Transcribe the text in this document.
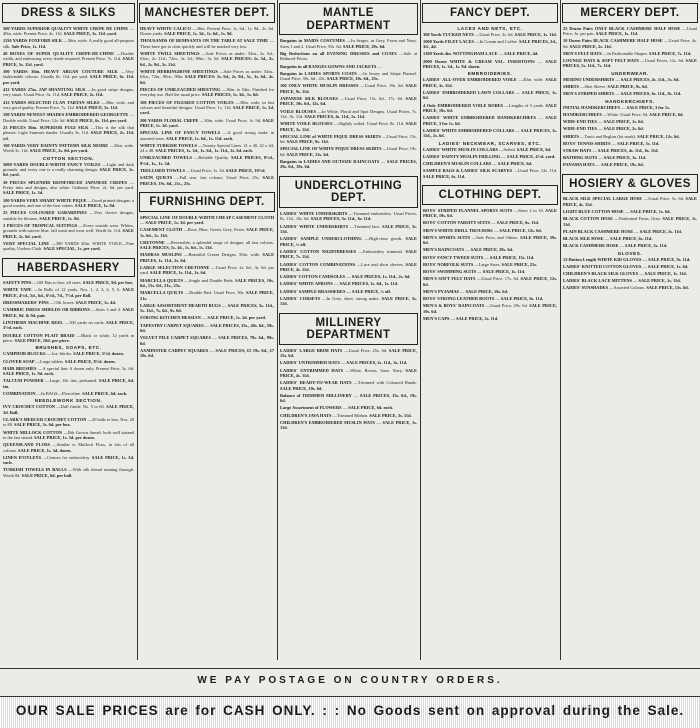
DRESS & SILKS
300 YARDS SUPERIOR QUALITY WHITE CREPE DE CHINE —40in. wide. Present Price, 4s. 11d. SALE PRICE, 3s. 11d. yard.
1150 YARDS FOXFORD SILK —36in. wide. A really good all-purpose silk. Sale Price, 1s. 11d.
40 BOXES OF SUPER QUALITY CREPE-DE-CHINE —Double width, and embracing every shade required. Present Price, 7s. 11d. SALE PRICE, 5s. 11d. yard.
300 YARDS 36in. HEAVY ARGAN COUTURE SILK —Very fashionable colours. Usually 8s. 11d. per yard. SALE PRICE, 6s. 11d. per yard.
412 YARDS 27in. JAP SHANTUNG SILK —In good stripe designs; very smart. Usual Price, 3s. 11d. SALE PRICE, 2s. 11d.
412 YARDS SELECTED CLAN TARTAN SILKS —38in. wide, and very good quality. Present Price, 7s. 11d. SALE PRICE, 5s. 11d.
100 YARDS NEWEST SHADES EMBROIDERED GEORGETTE —Double width. Usual Price, 12s. 6d. SALE PRICE, 6s. 11d. per yard.
25 PIECES 36in. SUPERIOR FUGI SILK —This is the silk that pleases. Light Summer shades. Usually 3s. 11d. SALE PRICE, 2s. 11d. yd.
100 YARDS VERY DAINTY PATTERN SILK MOIRE —36in. wide. Worth 3s. 11d. SALE PRICE, 2s. 6d. per yard.
COTTON SECTION.
3000 YARDS DOUBLE-WIDTH FANCY VOILES —Light and dark grounds, and every one is a really charming design. SALE PRICE, 1s. 6d. yard.
30 PIECES SPLENDID REINFORCED JAPANESE CREPES —Pretty tints and designs, also white. Ordinary Price, 2s. 6d. per yard. SALE PRICE, 1s. 3d.
100 YARDS VERY SMART WHITE PIQUE —Good printed designs; a good washer, and one of the best values. SALE PRICE, 1s. 9d.
25 PIECES COLOURED GABARDINES —Very choice designs, suitable for blouses. SALE PRICE, 1s. 9d.
2 PIECES OF TROPICAL SUITINGS —Every seaside wear. Whites, grounds with narrow blue, fall wash and wear well. Worth 6s. 11d. SALE PRICE, 2s. 6d. yard.
VERY SPECIAL LINE —300 YARDS 40in. WHITE VOILE—Fine quality, Useless Cloth. SALE SPECIAL, 1s. per yard.
HABERDASHERY
SAFETY PINS —100 Pins to box; all sizes. SALE PRICE, 9d. per box.
WHITE TAPE —In Rolls of 12 yards. Nos. 1, 2, 3, 4, 5, 6. SALE PRICE, 4½d., 5d., 6d., 6½d., 7d., 7½d. per Roll.
DRESSMAKERS' PINS —½lb. boxes. SALE PRICE, 1s. 4d.
CAMBRIC DRESS SHIELDS OR RIBBONS —Sizes 3 and 4. SALE PRICE, 8d. & 9d. pair.
LINTHERN MACHINE REEL —100 yards on cards. SALE PRICE, 3½d. each.
DOUBLE COTTON PLAIT BRAID —Black or white, 12 yards in piece. SALE PRICE, 10d. per piece.
BRUSHES, SOAPS, ETC.
CAMPHOR BLOCKS —1oz. blocks. SALE PRICE, 5½d. dozen.
CLOVER SOAP —Large tablets. SALE PRICE, 8½d. dozen.
HAIR BRUSHES —A special line; 6 dozen only. Present Price, 3s. 6d. SALE PRICE, 1s. 9d. each.
TALCUM POWDER —Large, 1lb. tins, perfumed. SALE PRICE, 6d. tin.
COMBINATION —In BAGS—Fleeceline. SALE PRICE, 6d. each.
NEEDLEWORK SECTION.
IVY CROCHET COTTON —Dull finish; No. 5 to 60. SALE PRICE, 3d. Ball.
CLARK'S MERCER CROCHET COTTON —20 balls to box, Nos. 20 to 80. SALE PRICE, 3s. 6d. per box.
WHITE MILLOCK COTTON —Rib Grown thread; both well stained to the last strand. SALE PRICE, 1s. 3d. per dozen.
QUEENSLAND FLOSS —Similar to Mulloch Floss, in lots of all colours. SALE PRICE, 1s. 3d. dozen.
LINEN D'OYLEYS —Centres for embroidery. SALE PRICE, 1s. 3d. each.
TURKISH TOWELS IN BALLS —With silk thread running through. Worth 8d. SALE PRICE, 6d. per ball.
MANCHESTER DEPT.
HEAVY WHITE CALICO —36in. Present Price, 1s. 6d., 1s. 9d., 2s. 6d. Dozen yards. SALE PRICE, 1s. 3d., 1s. 6d., 1s. 9d.
THOUSANDS OF REMNANTS ON THE TABLE AT SALE TIME —These have got to clear quickly and will be marked very low.
WHITE TWILL SHEETINGS —Sale Prices as under: 54in., 2s. 6d.; 63in., 2s. 11d.; 72in., 3s. 3d.; 80in., 3s. 6d. SALE PRICES: 2s. 3d., 2s. 6d., 2s. 9d., 2s. 11d.
WHITE HERRINGBONE SHEETINGS —Sale Prices as under: 54in., 63in., 72in., 80in., 90in. SALE PRICES: 2s. 6d., 2s. 9d., 3s., 3s. 6d., 4s. 6d.
PIECES OF UNBLEACHED SHEETING —36in. to 54in. Finished for everyday use. Half the usual price. SALE PRICES, 1s. 3d., 1s. 6d.
100 PIECES OF FIGURED COTTON VOILES —38in. wide, in fast colours and beautiful designs. Usual Price, 1s. 11d. SALE PRICE, 1s. 3d. yard.
200 YARDS FLORAL CREPE —30in. wide. Usual Price, 1s. 9d. SALE PRICE, 1s. 3d. yard.
SPECIAL LINE OF FANCY TOWELS —A good strong make in assorted sizes. SALE PRICE, 1s. 6d., 1s. 11d. each.
WHITE TURKISH TOWELS —Twenty Special Lines: 21 x 40, 22 x 44, 24 x 48. SALE PRICES, 1s. 3d., 1s. 6d., 1s. 11d., 2s. 6d. each.
UNBLEACHED TOWELS —Reliable Quality. SALE PRICES, 8½d., 9½d., 1s., 1s. 3d.
TRELLISED TOWELS —Usual Price, 1s. 3d. SALE PRICE, 10½d.
SATIN QUILTS —Full size, fast colours. Usual Price, 25s. SALE PRICES, 19s. 6d., 21s., 25s.
FURNISHING DEPT.
SPECIAL LINE OF DOUBLE-WIDTH CHEAP CASEMENT CLOTH — SALE PRICE, 1s. 3d. per yard.
CASEMENT CLOTH —Rose, Blue, Green, Grey, Fawn. SALE PRICE, 1s. 6d., 1s. 11d.
CRETONNE —Reversible; a splendid range of designs; all fast colours. SALE PRICES, 1s. 3d., 1s. 6d., 1s. 11d.
MADRAS MUSLINS —Beautiful Cream Designs, 50in. wide. SALE PRICES, 1s. 11d., 2s. 6d.
LARGE SELECTION CRETONNE —Usual Price, 2s. 6d., 3s. 6d. per yard. SALE PRICE, 1s. 11d., 2s. 6d.
MARCELLA QUILTS —Single and Double Beds. SALE PRICES, 10s. 6d., 15s. 6d., 21s., 25s.
MARCELLA QUILTS —Double Bed. Usual Price, 30s. SALE PRICE, 21s.
LARGE ASSORTMENT HEARTH RUGS — SALE PRICES, 3s. 11d., 5s. 11d., 7s. 6d., 9s. 6d.
STRONG KITCHEN HESSIAN — SALE PRICE, 1s. 3d. per yard.
TAPESTRY CARPET SQUARES — SALE PRICES, 35s., 49s. 6d., 59s. 6d.
VELVET PILE CARPET SQUARES — SALE PRICES, 79s. 6d., 99s. 6d.
AXMINSTER CARPET SQUARES — SALE PRICES, £5 19s. 6d., £7 19s. 6d.
MANTLE DEPARTMENT
Bargains in MAIDS COSTUMES —In Serges, in Grey, Fawn and Navy. Sizes 1 and 2. Usual Price, 59s. 6d. SALE PRICE, 29s. 6d.
Big Reductions on all EVENING DRESSES and COATS —Sale at Reduced Prices.
Bargains in all RANGES GOWNS AND JACKETS —
Bargains in LADIES SPORTS COATS —In Jersey and Stripe Flannel. Usual Price, 39s. 6d., 45s. SALE PRICE, 19s. 6d., 25s.
100 ONLY WHITE MUSLIN DRESSES —Usual Price, 19s. 6d. SALE PRICE, 9s. 11d.
JAPANESE SILK BLOUSES —Usual Price, 15s. 6d., 17s. 6d. SALE PRICE, 10s. 6d., 12s. 6d.
VOILE BLOUSES —In White, Floral and Spot Designs. Usual Prices, 7s. 11d., 9s. 11d. SALE PRICES, 4s. 11d., 5s. 11d.
WHITE VOILE BLOUSES —Slightly soiled. Usual Price, 8s. 11d. SALE PRICE, 3s. 11d.
SPECIAL LINE of WHITE PIQUE DRESS SKIRTS —Usual Price, 15s. 6d. SALE PRICE, 9s. 11d.
SPECIAL LINE OF WHITE PIQUE DRESS SKIRTS —Usual Price, 19s. 6d. SALE PRICE, 12s. 6d.
Bargains in LADIES AND OUTSIZE RAINCOATS — SALE PRICES, 29s. 6d., 39s. 6d.
UNDERCLOTHING DEPT.
LADIES' WHITE UNDERSKIRTS —Trimmed embroidery. Usual Prices, 8s. 11d., 10s. 6d. SALE PRICES, 5s. 11d., 6s. 11d.
LADIES' WHITE UNDERSKIRTS —Trimmed lace. SALE PRICE, 3s. 11d.
LADIES' SAMPLE UNDERCLOTHING —High-class goods. SALE PRICE, ¼ off.
LADIES' COTTON NIGHTDRESSES —Embroidery trimmed. SALE PRICE, 7s. 11d.
LADIES' COTTON COMBINATIONS —Lace and short sleeves. SALE PRICE, 4s. 11d.
LADIES' COTTON CAMISOLES — SALE PRICES, 1s. 11d., 2s. 6d.
LADIES' WHITE APRONS — SALE PRICES, 1s. 6d., 1s. 11d.
LADIES' SAMPLE BRASSIERES — SALE PRICE, ¼ off.
LADIES' CORSETS —In Grey, short, strong make. SALE PRICE, 5s. 11d.
MILLINERY DEPARTMENT
LADIES' LARGE BRIM HATS —Usual Price, 25s. 6d. SALE PRICE, 15s. 6d.
LADIES' UNTRIMMED HATS — SALE PRICES, 2s. 11d., 3s. 11d.
LADIES' UNTRIMMED HATS —White, Brown, Saxe, Navy. SALE PRICE, 4s. 11d.
LADIES' READY-TO-WEAR HATS —Trimmed with Coloured Bands. SALE PRICE, 10s. 6d.
Balance of TRIMMED MILLINERY — SALE PRICES, 15s. 6d., 19s. 6d.
Large Assortment of FLOWERS — SALE PRICE, 6d. each.
CHILDREN'S JAVA HATS —Trimmed Ribbon. SALE PRICE, 3s. 11d.
CHILDREN'S EMBROIDERED MUSLIN HATS — SALE PRICE, 1s. 11d.
FANCY DEPT.
LACES AND NETS, ETC.
300 Yards TUCKED NETS —Usual Price, 3s. 6d. SALE PRICE, 1s. 11d.
1000 Yards FILET LACES —In Cream and Coffee. SALE PRICES, 2d., 3d., 4d.
1200 Yards 4in. NOTTINGHAM LACE — SALE PRICE, 4d.
2000 Dozen WHITE & CREAM VAL. INSERTIONS — SALE PRICES, 1s. 3d., 1s. 9d. dozen.
EMBROIDERIES.
LADIES' ALL-OVER EMBROIDERED VOILE —40in. wide. SALE PRICE, 3s. 11d.
LADIES' EMBROIDERED LAWN COLLARS — SALE PRICE, 1s. 6d.
4 Only EMBROIDERED VOILE ROBES —Lengths of 3 yards. SALE PRICE, 19s. 6d.
LADIES' WHITE EMBROIDERED HANDKERCHIEFS — SALE PRICE, 3 for 1s. 6d.
LADIES' WHITE EMBROIDERED COLLARS — SALE PRICES, 1s. 11d., 2s. 6d.
LADIES' NECKWEAR, SCARVES, ETC.
LADIES' WHITE MUSLIN COLLARS —Soiled. SALE PRICE, 6d.
LADIES' DAINTY MUSLIN FRILLING — SALE PRICE, 4½d. yard.
CHILDREN'S MUSLIN COLLARS — SALE PRICE, 6d.
SAMPLE BAGS & LADIES' SILK SCARVES —Usual Price, 12s. 11d. SALE PRICE, 6s. 11d.
CLOTHING DEPT.
BOYS' STRIPED FLANNEL SPORTS SUITS —Sizes 2 to 10. SALE PRICE, 19s. 6d.
BOYS' COTTON VARSITY SUITS — SALE PRICE, 6s. 11d.
MEN'S WHITE DRILL TROUSERS — SALE PRICE, 12s. 6d.
MEN'S SPORTS SUITS —Sale Price, and Others. SALE PRICE, 59s. 6d.
MEN'S RAINCOATS — SALE PRICE, 29s. 6d.
BOYS' FANCY TWEED SUITS — SALE PRICE, 15s. 11d.
BOYS' NORFOLK SUITS —Large Sizes. SALE PRICE, 25s.
BOYS' SWIMMING SUITS — SALE PRICE, 1s. 11d.
MEN'S SOFT FELT HATS —Usual Price, 17s. 6d. SALE PRICE, 12s. 6d.
MEN'S PYJAMAS — SALE PRICE, 10s. 6d.
BOYS' STRONG LEATHER BOOTS — SALE PRICE, 6s. 11d.
MEN'S & BOYS' RAINCOATS —Usual Price, 29s. 6d. SALE PRICE, 19s. 6d.
MEN'S CAPS — SALE PRICE, 2s. 11d.
MERCERY DEPT.
25 Dozen Pairs ONLY BLACK CASHMERE HALF HOSE —Usual Price, 3s. per pair. SALE PRICE, 1s. 11d.
10 Dozen Pairs BLACK CASHMERE HALF HOSE —Usual Price, 4s. 6d. SALE PRICE, 2s. 11d.
MEN'S FELT HATS —In Fashionable Shapes. SALE PRICE, 7s. 11d.
LOUNGE HATS & SOFT FELT HATS —Usual Prices, 12s. 6d. SALE PRICES, 5s. 11d., 7s. 11d.
UNDERWEAR.
MERINO UNDERSHIRTS — SALE PRICES, 4s. 11d., 5s. 6d.
SHIRTS —Shot Sleeve. SALE PRICE, 9s. 6d.
MEN'S STRIPED SHIRTS — SALE PRICES, 6s. 11d., 8s. 11d.
HANDKERCHIEFS.
INITIAL HANDKERCHIEFS — SALE PRICE, 3 for 1s.
HANDKERCHIEFS —White. Usual Price, 9d. SALE PRICE, 6d.
WIDE-END TIES — SALE PRICE, 1s. 6d.
WIDE-END TIES — SALE PRICE, 2s. 6d.
SHIRTS —Tunic and Reglias (lot mark). SALE PRICE, 12s. 6d.
BOYS' TENNIS SHIRTS — SALE PRICE, 5s. 11d.
STRAW HATS — SALE PRICES, 4s. 11d., 6s. 11d.
BATHING SUITS — SALE PRICE, 3s. 11d.
PANAMA HATS — SALE PRICE, 19s. 6d.
HOSIERY & GLOVES
BLACK SILK SPECIAL LARGE HOSE —Usual Price, 5s. 6d. SALE PRICE, 4s. 11d.
LIGHT BLUE COTTON HOSE — SALE PRICE, 1s. 6d.
BLACK COTTON HOSE —Fashioned Fawn, Grey. SALE PRICE, 1s. 11d.
PLAIN BLACK CASHMERE HOSE — SALE PRICE, 2s. 11d.
BLACK SILK HOSE — SALE PRICE, 6s. 11d.
BLACK CASHMERE HOSE — SALE PRICE, 3s. 11d.
GLOVES.
12-Button Length WHITE KID GLOVES — SALE PRICE, 9s. 11d.
LADIES' KNITTED COTTON GLOVES — SALE PRICE, 1s. 6d.
CHILDREN'S BLACK SILK GLOVES — SALE PRICE, 1s. 11d.
LADIES' BLACK LACE MITTENS — SALE PRICE, 1s. 11d.
LADIES' SUNSHADES —Assorted Colours. SALE PRICE, 15s. 6d.
WE PAY POSTAGE ON COUNTRY ORDERS.
OUR SALE PRICES are for CASH ONLY. : : No Goods sent on approval during the Sale.
